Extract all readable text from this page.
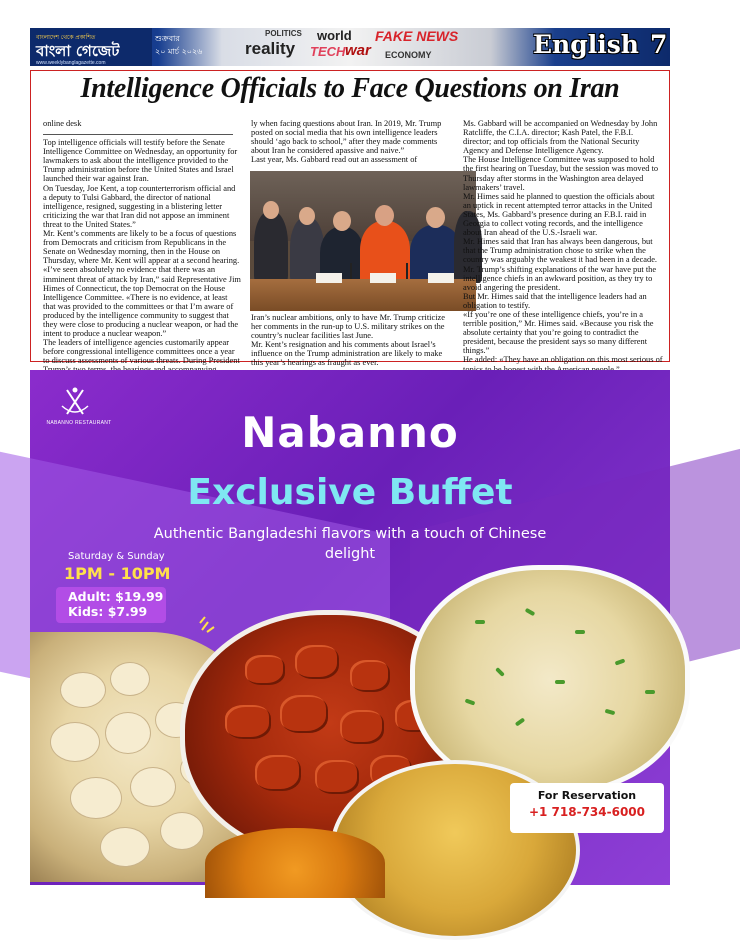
বাংলাদেশ থেকে প্রকাশিত
বাংলা গেজেট
www.weeklybanglagazette.com
শুক্রবার
২০ মার্চ ২০২৬
POLITICS world FAKE NEWS
reality TECH war ECONOMY	English 7
Intelligence Officials to Face Questions on Iran

online desk

Top intelligence officials will testify before the Senate Intelligence Committee on Wednesday, an opportunity for lawmakers to ask about the intelligence provided to the Trump administration before the United States and Israel launched their war against Iran.

On Tuesday, Joe Kent, a top counterterrorism official and a deputy to Tulsi Gabbard, the director of national intelligence, resigned, suggesting in a blistering letter criticizing the war that Iran did not appose an imminent threat to the United States.”

Mr. Kent’s comments are likely to be a focus of questions from Democrats and criticism from Republicans in the Senate on Wednesday morning, then in the House on Thursday, where Mr. Kent will appear at a second hearing.

«I’ve seen absolutely no evidence that there was an imminent threat of attack by Iran,” said Representative Jim Himes of Connecticut, the top Democrat on the House Intelligence Committee. «There is no evidence, at least that was provided to the committees or that I’m aware of produced by the intelligence community to suggest that they were close to producing a nuclear weapon, or had the intent to produce a nuclear weapon.”

The leaders of intelligence agencies customarily appear before congressional intelligence committees once a year to discuss assessments of various threats. During President

ly when facing questions about Iran. In 2019, Mr. Trump posted on social media that his own intelligence leaders should ‘ago back to school,” after they made comments about Iran he considered apassive and naive.”

Last year, Ms. Gabbard read out an assessment of

Iran’s nuclear ambitions, only to have Mr. Trump criticize her comments in the run-up to U.S. military strikes on the country’s nuclear facilities last June.

Mr. Kent’s resignation and his comments about Israel’s influence on the Trump administration are likely to make this year’s hearings as fraught as ever.

Ms. Gabbard will be accompanied on Wednesday by John Ratcliffe, the C.I.A. director; Kash Patel, the F.B.I. director; and top officials from the National Security Agency and Defense Intelligence Agency.

The House Intelligence Committee was supposed to hold the first hearing on Tuesday, but the session was moved to Thursday after storms in the Washington area delayed lawmakers’ travel.

Mr. Himes said he planned to question the officials about an uptick in recent attempted terror attacks in the United States, Ms. Gabbard’s presence during an F.B.I. raid in Georgia to collect voting records, and the intelligence about Iran ahead of the U.S.-Israeli war.

Mr. Himes said that Iran has always been dangerous, but that the Trump administration chose to strike when the country was arguably the weakest it had been in a decade.

Mr. Trump’s shifting explanations of the war have put the intelligence chiefs in an awkward position, as they try to avoid angering the president.

But Mr. Himes said that the intelligence leaders had an obligation to testify.

«If you’re one of these intelligence chiefs, you’re in a terrible position,” Mr. Himes said. «Because you risk the absolute certainty that you’re going to contradict the president, because the president says so many different things.”

He added: «They have an obligation on this most serious of

NABANNO RESTAURANT	Nabanno
Exclusive Buffet
Authentic Bangladeshi flavors with a touch of Chinese delight
Saturday & Sunday
1PM - 10PM
Adult: $19.99
Kids: $7.99
For Reservation
+1 718-734-6000
